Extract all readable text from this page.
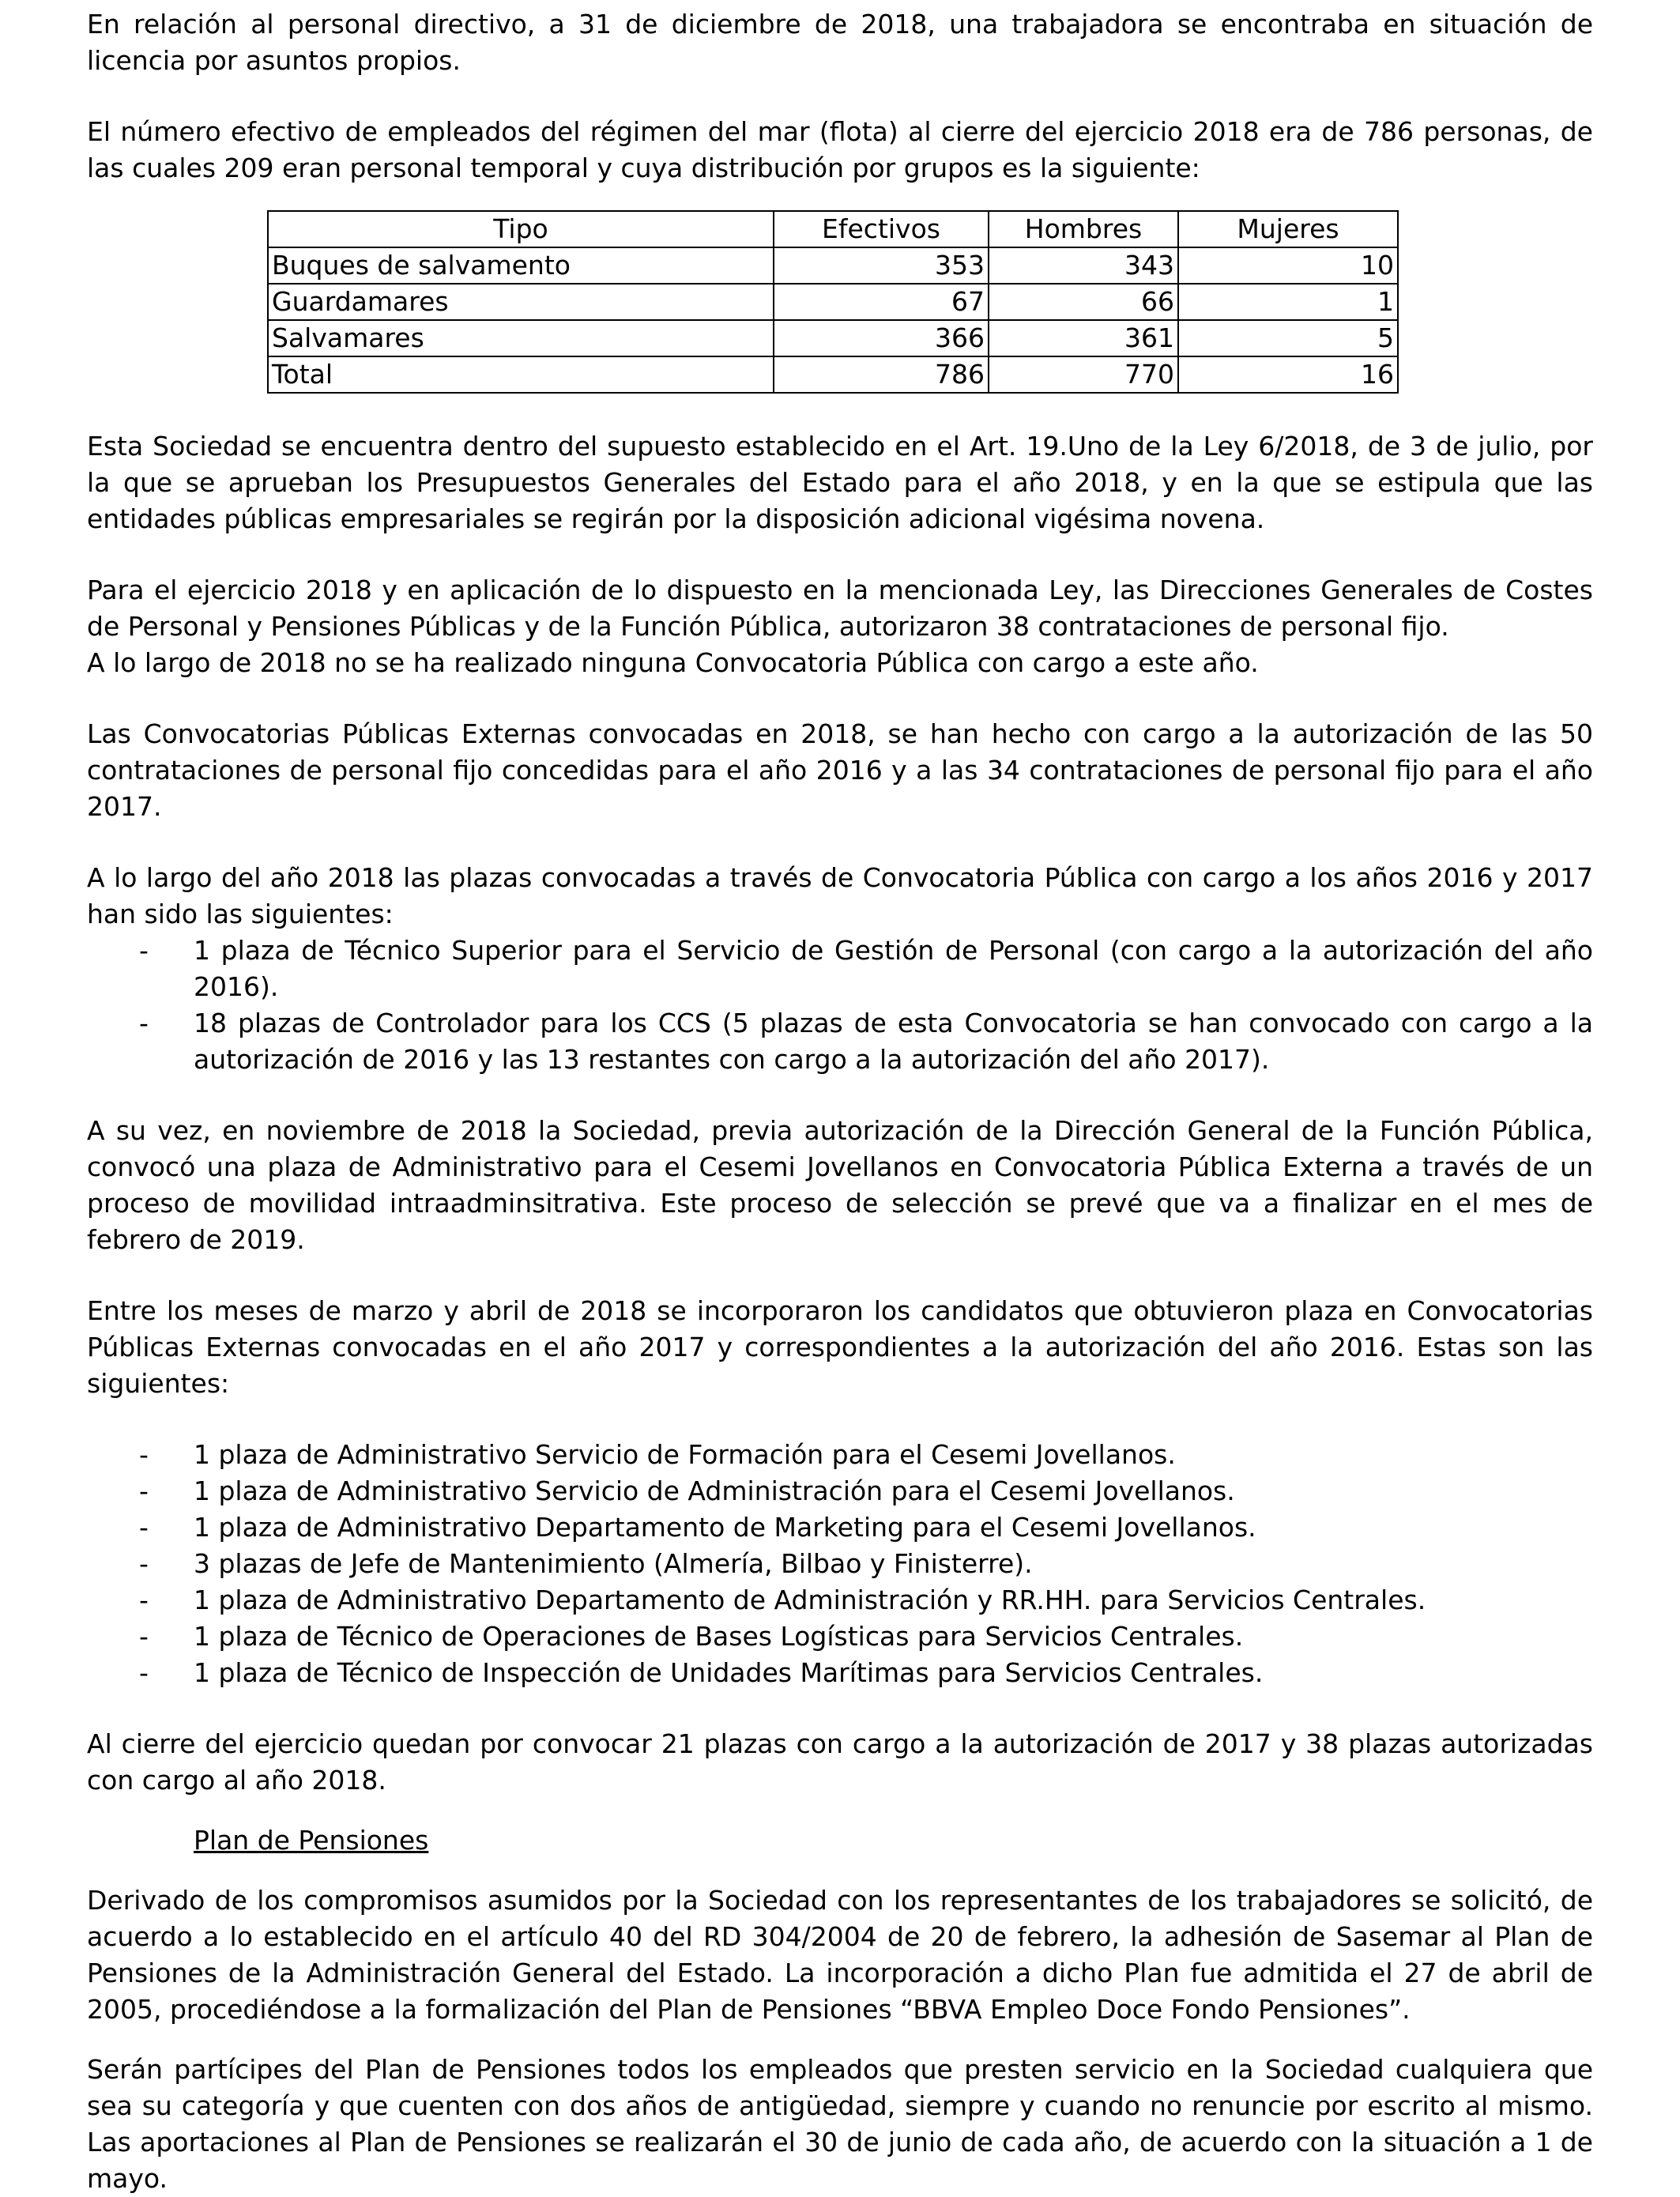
En relación al personal directivo, a 31 de diciembre de 2018, una trabajadora se encontraba en situación de licencia por asuntos propios.

El número efectivo de empleados del régimen del mar (flota) al cierre del ejercicio 2018 era de 786 personas, de las cuales 209 eran personal temporal y cuya distribución por grupos es la siguiente:

Tipo	Efectivos	Hombres	Mujeres
Buques de salvamento	353	343	10
Guardamares	67	66	1
Salvamares	366	361	5
Total	786	770	16

Esta Sociedad se encuentra dentro del supuesto establecido en el Art. 19.Uno de la Ley 6/2018, de 3 de julio, por la que se aprueban los Presupuestos Generales del Estado para el año 2018, y en la que se estipula que las entidades públicas empresariales se regirán por la disposición adicional vigésima novena.

Para el ejercicio 2018 y en aplicación de lo dispuesto en la mencionada Ley, las Direcciones Generales de Costes de Personal y Pensiones Públicas y de la Función Pública, autorizaron 38 contrataciones de personal fijo.

A lo largo de 2018 no se ha realizado ninguna Convocatoria Pública con cargo a este año.

Las Convocatorias Públicas Externas convocadas en 2018, se han hecho con cargo a la autorización de las 50 contrataciones de personal fijo concedidas para el año 2016 y a las 34 contrataciones de personal fijo para el año 2017.

A lo largo del año 2018 las plazas convocadas a través de Convocatoria Pública con cargo a los años 2016 y 2017 han sido las siguientes:

- 1 plaza de Técnico Superior para el Servicio de Gestión de Personal (con cargo a la autorización del año 2016).
- 18 plazas de Controlador para los CCS (5 plazas de esta Convocatoria se han convocado con cargo a la autorización de 2016 y las 13 restantes con cargo a la autorización del año 2017).

A su vez, en noviembre de 2018 la Sociedad, previa autorización de la Dirección General de la Función Pública, convocó una plaza de Administrativo para el Cesemi Jovellanos en Convocatoria Pública Externa a través de un proceso de movilidad intraadminsitrativa. Este proceso de selección se prevé que va a finalizar en el mes de febrero de 2019.

Entre los meses de marzo y abril de 2018 se incorporaron los candidatos que obtuvieron plaza en Convocatorias Públicas Externas convocadas en el año 2017 y correspondientes a la autorización del año 2016. Estas son las siguientes:

- 1 plaza de Administrativo Servicio de Formación para el Cesemi Jovellanos.
- 1 plaza de Administrativo Servicio de Administración para el Cesemi Jovellanos.
- 1 plaza de Administrativo Departamento de Marketing para el Cesemi Jovellanos.
- 3 plazas de Jefe de Mantenimiento (Almería, Bilbao y Finisterre).
- 1 plaza de Administrativo Departamento de Administración y RR.HH. para Servicios Centrales.
- 1 plaza de Técnico de Operaciones de Bases Logísticas para Servicios Centrales.
- 1 plaza de Técnico de Inspección de Unidades Marítimas para Servicios Centrales.

Al cierre del ejercicio quedan por convocar 21 plazas con cargo a la autorización de 2017 y 38 plazas autorizadas con cargo al año 2018.

Plan de Pensiones

Derivado de los compromisos asumidos por la Sociedad con los representantes de los trabajadores se solicitó, de acuerdo a lo establecido en el artículo 40 del RD 304/2004 de 20 de febrero, la adhesión de Sasemar al Plan de Pensiones de la Administración General del Estado. La incorporación a dicho Plan fue admitida el 27 de abril de 2005, procediéndose a la formalización del Plan de Pensiones “BBVA Empleo Doce Fondo Pensiones”.

Serán partícipes del Plan de Pensiones todos los empleados que presten servicio en la Sociedad cualquiera que sea su categoría y que cuenten con dos años de antigüedad, siempre y cuando no renuncie por escrito al mismo. Las aportaciones al Plan de Pensiones se realizarán el 30 de junio de cada año, de acuerdo con la situación a 1 de mayo.
